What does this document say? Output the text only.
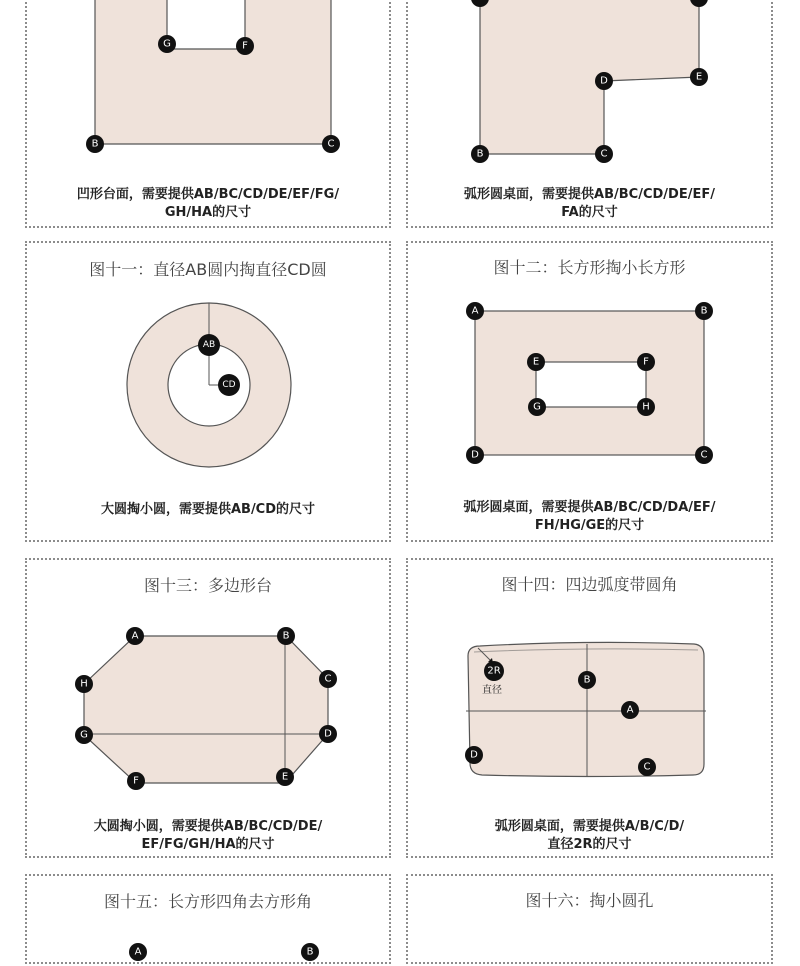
G	F
B	C
凹形台面，需要提供AB/BC/CD/DE/EF/FG/
GH/HA的尺寸
D	E
B	C
弧形圆桌面，需要提供AB/BC/CD/DE/EF/
FA的尺寸
图十一：直径AB圆内掏直径CD圆
AB
CD
大圆掏小圆，需要提供AB/CD的尺寸
图十二：长方形掏小长方形
A	B
E	F
G	H
D	C
弧形圆桌面，需要提供AB/BC/CD/DA/EF/
FH/HG/GE的尺寸
图十三：多边形台
A	B
H	C
G	D
F	E
大圆掏小圆，需要提供AB/BC/CD/DE/
EF/FG/GH/HA的尺寸
图十四：四边弧度带圆角
2R
直径
B
A
D
C
弧形圆桌面，需要提供A/B/C/D/
直径2R的尺寸
图十五：长方形四角去方形角
A	B
图十六：掏小圆孔
